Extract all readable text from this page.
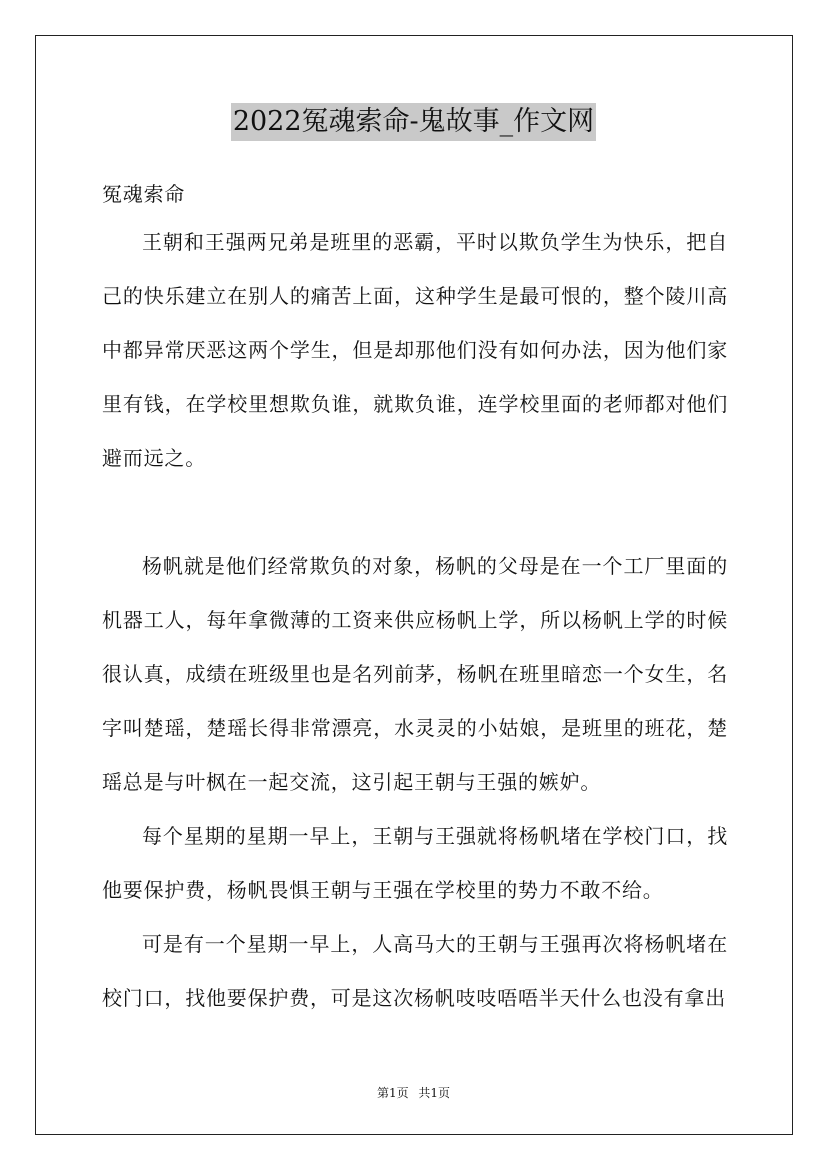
2022冤魂索命-鬼故事_作文网

冤魂索命

王朝和王强两兄弟是班里的恶霸，平时以欺负学生为快乐，把自己的快乐建立在别人的痛苦上面，这种学生是最可恨的，整个陵川高中都异常厌恶这两个学生，但是却那他们没有如何办法，因为他们家里有钱，在学校里想欺负谁，就欺负谁，连学校里面的老师都对他们避而远之。

杨帆就是他们经常欺负的对象，杨帆的父母是在一个工厂里面的机器工人，每年拿微薄的工资来供应杨帆上学，所以杨帆上学的时候很认真，成绩在班级里也是名列前茅，杨帆在班里暗恋一个女生，名字叫楚瑶，楚瑶长得非常漂亮，水灵灵的小姑娘，是班里的班花，楚瑶总是与叶枫在一起交流，这引起王朝与王强的嫉妒。

每个星期的星期一早上，王朝与王强就将杨帆堵在学校门口，找他要保护费，杨帆畏惧王朝与王强在学校里的势力不敢不给。

可是有一个星期一早上，人高马大的王朝与王强再次将杨帆堵在校门口，找他要保护费，可是这次杨帆吱吱唔唔半天什么也没有拿出

第1页 共1页
